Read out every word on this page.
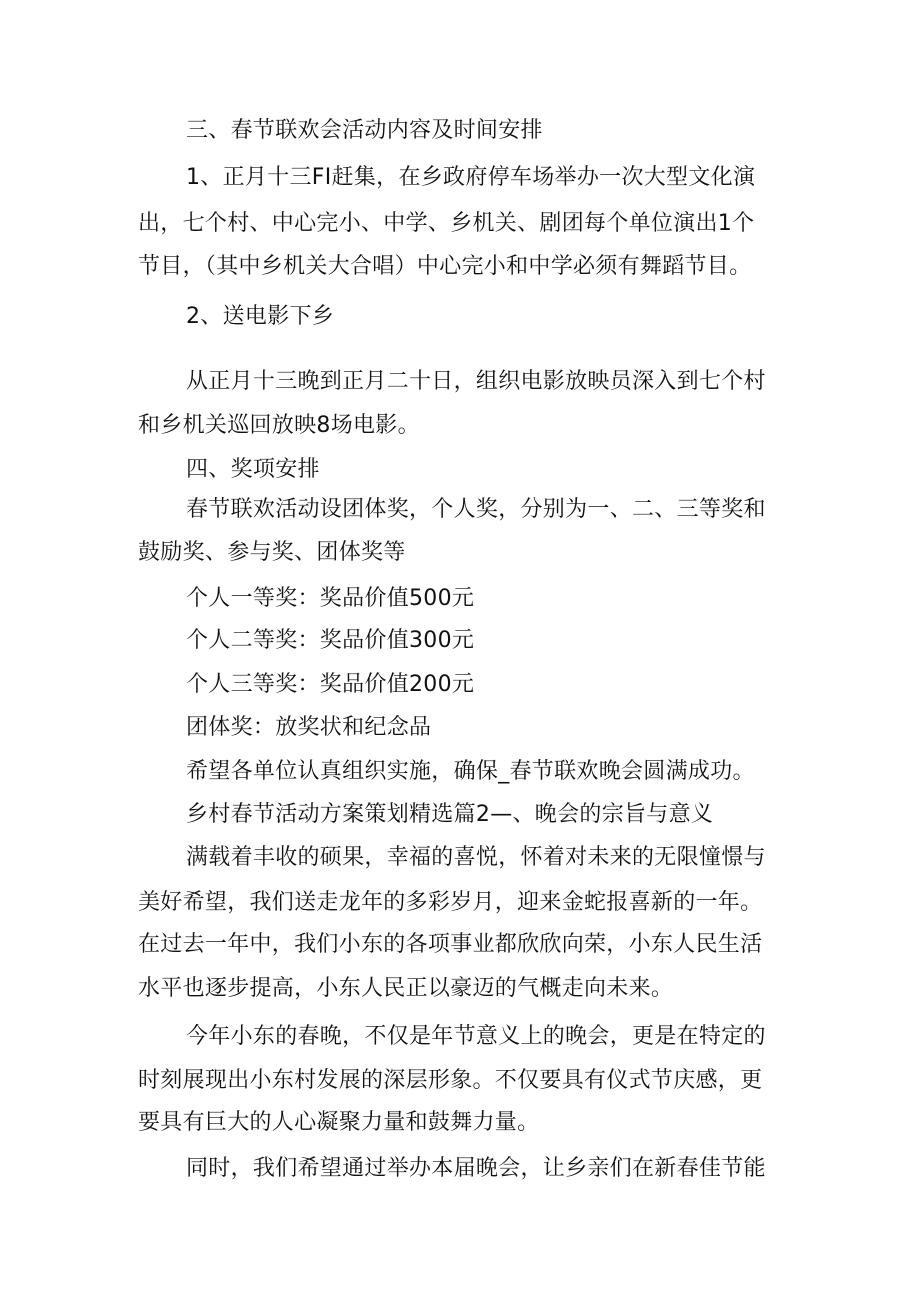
三、春节联欢会活动内容及时间安排

1、正月十三FI赶集，在乡政府停车场举办一次大型文化演

出，七个村、中心完小、中学、乡机关、剧团每个单位演出1个

节目，（其中乡机关大合唱）中心完小和中学必须有舞蹈节目。

2、送电影下乡

从正月十三晚到正月二十日，组织电影放映员深入到七个村

和乡机关巡回放映8场电影。

四、奖项安排

春节联欢活动设团体奖，个人奖，分别为一、二、三等奖和

鼓励奖、参与奖、团体奖等

个人一等奖：奖品价值500元

个人二等奖：奖品价值300元

个人三等奖：奖品价值200元

团体奖：放奖状和纪念品

希望各单位认真组织实施，确保_春节联欢晚会圆满成功。

乡村春节活动方案策划精选篇2—、晚会的宗旨与意义

满载着丰收的硕果，幸福的喜悦，怀着对未来的无限憧憬与

美好希望，我们送走龙年的多彩岁月，迎来金蛇报喜新的一年。

在过去一年中，我们小东的各项事业都欣欣向荣，小东人民生活

水平也逐步提高，小东人民正以豪迈的气概走向未来。

今年小东的春晚，不仅是年节意义上的晚会，更是在特定的

时刻展现出小东村发展的深层形象。不仅要具有仪式节庆感，更

要具有巨大的人心凝聚力量和鼓舞力量。

同时，我们希望通过举办本届晚会，让乡亲们在新春佳节能
